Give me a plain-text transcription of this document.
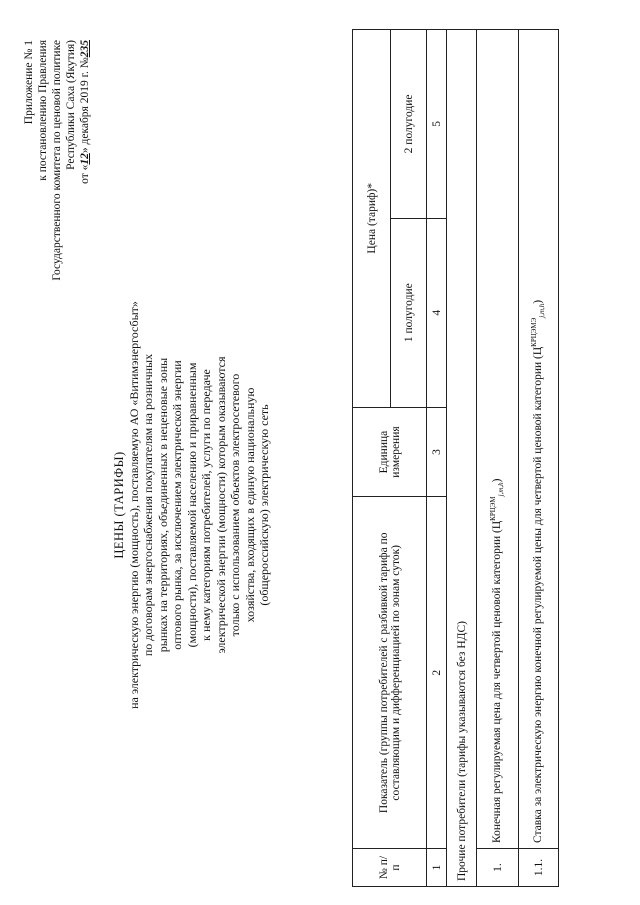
Приложение № 1 к постановлению Правления Государственного комитета по ценовой политике Республики Саха (Якутия)
от «12» декабря 2019 г. №235
ЦЕНЫ (ТАРИФЫ) на электрическую энергию (мощность), поставляемую АО «Витимэнергосбыт» по договорам энергоснабжения покупателям на розничных рынках на территориях, объединенных в неценовые зоны оптового рынка, за исключением электрической энергии (мощности), поставляемой населению и приравненным к нему категориям потребителей, услуги по передаче электрической энергии (мощности) которым оказываются только с использованием объектов электросетевого хозяйства, входящих в единую национальную (общероссийскую) электрическую сеть
№ п/п	Показатель (группы потребителей с разбивкой тарифа по составляющим и дифференциацией по зонам суток)	Единица измерения	Цена (тариф)*	
			1 полугодие	2 полугодие
1	2	3	4	5
Прочие потребители (тарифы указываются без НДС)				
1.	Конечная регулируемая цена для четвертой ценовой категории $(Ц^{КРЦЭМ}_{j,m,h})$			
1.1.	Ставка за электрическую энергию конечной регулируемой цены для четвертой ценовой категории $(Ц^{КРЦЭМЭ}_{j,m,h})$			
